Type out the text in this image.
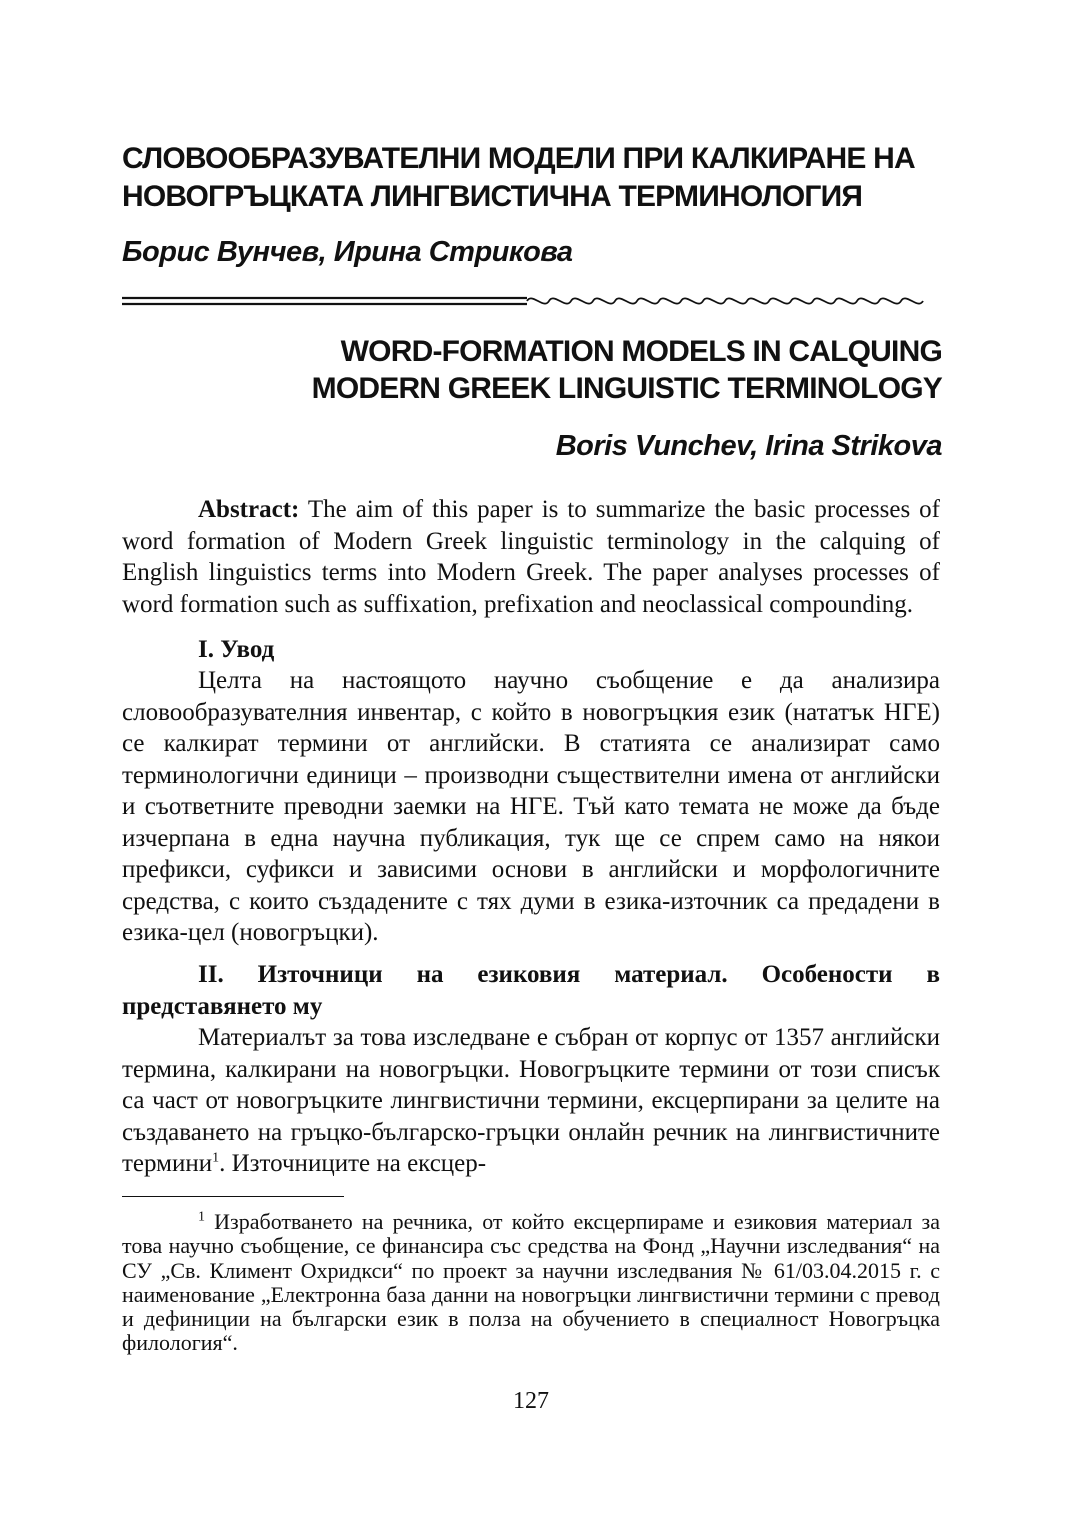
СЛОВООБРАЗУВАТЕЛНИ МОДЕЛИ ПРИ КАЛКИРАНЕ НА
НОВОГРЪЦКАТА ЛИНГВИСТИЧНА ТЕРМИНОЛОГИЯ

Борис Вунчев, Ирина Стрикова

WORD-FORMATION MODELS IN CALQUING
MODERN GREEK LINGUISTIC TERMINOLOGY

Boris Vunchev, Irina Strikova

Abstract: The aim of this paper is to summarize the basic processes of word formation of Modern Greek linguistic terminology in the calquing of English linguistics terms into Modern Greek. The paper analyses processes of word formation such as suffixation, prefixation and neoclassical compounding.

I. Увод

Целта на настоящото научно съобщение е да анализира словообразувателния инвентар, с който в новогръцкия език (нататък НГЕ) се калкират термини от английски. В статията се анализират само терминологични единици – производни съществителни имена от английски и съответните преводни заемки на НГЕ. Тъй като темата не може да бъде изчерпана в една научна публикация, тук ще се спрем само на някои префикси, суфикси и зависими основи в английски и морфологичните средства, с които създадените с тях думи в езика-източник са предадени в езика-цел (новогръцки).

II. Източници на езиковия материал. Особености в представянето му

Материалът за това изследване е събран от корпус от 1357 английски термина, калкирани на новогръцки. Новогръцките термини от този списък са част от новогръцките лингвистични термини, ексцерпирани за целите на създаването на гръцко-българско-гръцки онлайн речник на лингвистичните термини$^1$. Източниците на ексцер-

$^1$ Изработването на речника, от който ексцерпираме и езиковия материал за това научно съобщение, се финансира със средства на Фонд „Научни изследвания“ на СУ „Св. Климент Охридкси“ по проект за научни изследвания № 61/03.04.2015 г. с наименование „Електронна база данни на новогръцки лингвистични термини с превод и дефиниции на български език в полза на обучението в специалност Новогръцка филология“.

127
